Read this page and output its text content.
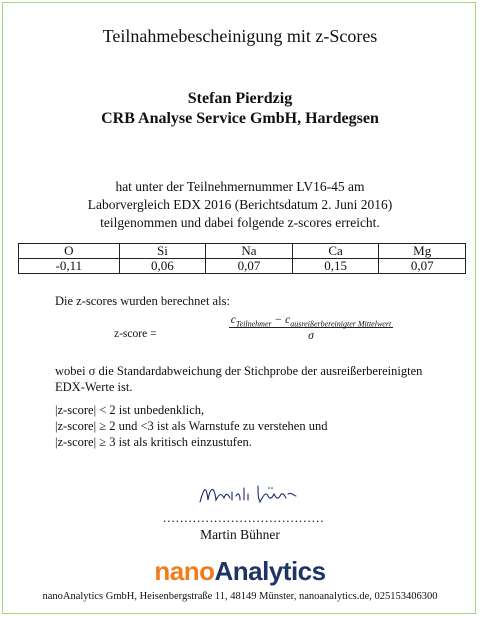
Teilnahmebescheinigung mit z-Scores
Stefan Pierdzig
CRB Analyse Service GmbH, Hardegsen
hat unter der Teilnehmernummer LV16-45 am
Laborvergleich EDX 2016 (Berichtsdatum 2. Juni 2016)
teilgenommen und dabei folgende z-scores erreicht.
O	Si	Na	Ca	Mg
-0,11	0,06	0,07	0,15	0,07
Die z-scores wurden berechnet als:
z-score =
$c_{Teilnehmer} - c_{ausreißerbereinigter Mittelwert}$
σ
wobei σ die Standardabweichung der Stichprobe der ausreißerbereinigten
EDX-Werte ist.
|z-score| < 2 ist unbedenklich,
|z-score| ≥ 2 und <3 ist als Warnstufe zu verstehen und
|z-score| ≥ 3 ist als kritisch einzustufen.
......................................
Martin Bühner
nanoAnalytics
nanoAnalytics GmbH, Heisenbergstraße 11, 48149 Münster, nanoanalytics.de, 025153406300
